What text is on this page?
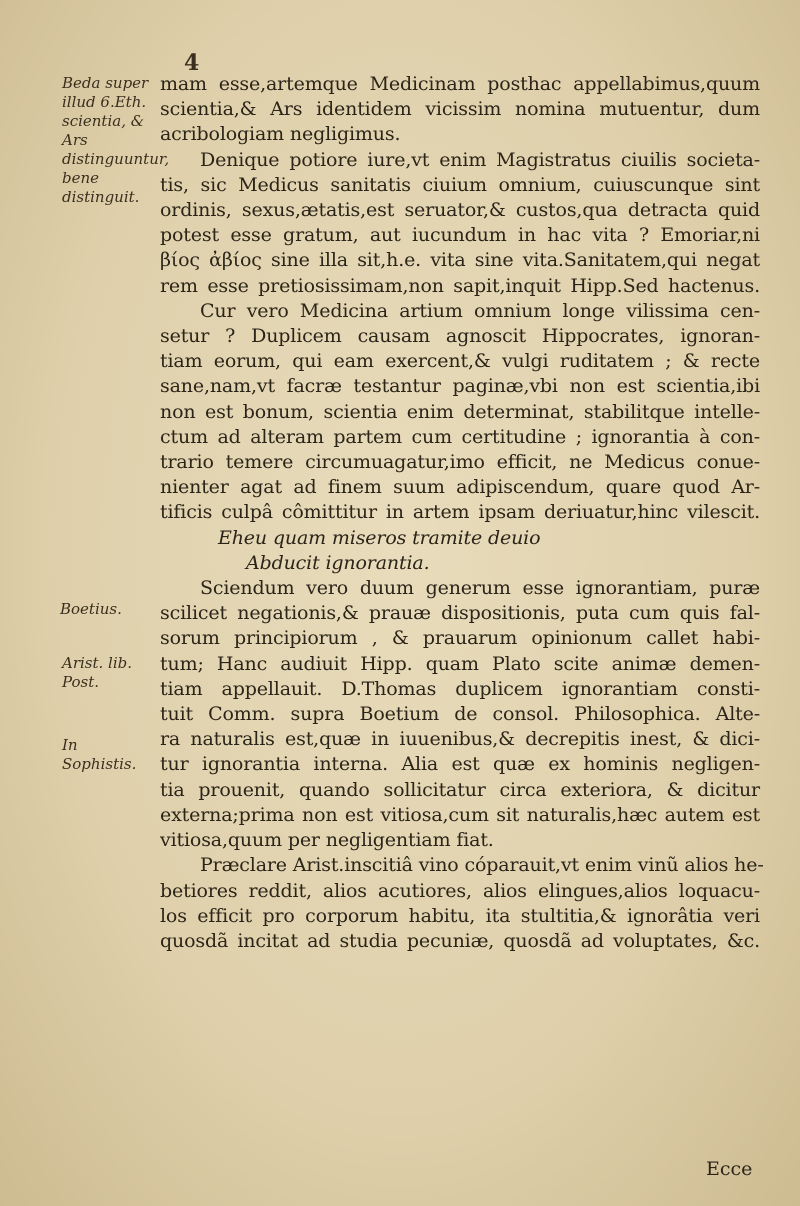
4
Beda super illud 6.Eth. scientia, & Ars distinguuntur, bene distinguit.
Boetius.
Arist. lib. Post.
In Sophistis.
mam esse,artemque Medicinam posthac appellabimus,quum
scientia,& Ars identidem vicissim nomina mutuentur, dum
acribologiam negligimus.
Denique potiore iure,vt enim Magistratus ciuilis societa-
tis, sic Medicus sanitatis ciuium omnium, cuiuscunque sint
ordinis, sexus,ætatis,est seruator,& custos,qua detracta quid
potest esse gratum, aut iucundum in hac vita ? Emoriar,ni
βίος ἀβίος sine illa sit,h.e. vita sine vita.Sanitatem,qui negat
rem esse pretiosissimam,non sapit,inquit Hipp.Sed hactenus.
Cur vero Medicina artium omnium longe vilissima cen-
setur ? Duplicem causam agnoscit Hippocrates, ignoran-
tiam eorum, qui eam exercent,& vulgi ruditatem ; & recte
sane,nam,vt facræ testantur paginæ,vbi non est scientia,ibi
non est bonum, scientia enim determinat, stabilitque intelle-
ctum ad alteram partem cum certitudine ; ignorantia à con-
trario temere circumuagatur,imo efficit, ne Medicus conue-
nienter agat ad finem suum adipiscendum, quare quod Ar-
tificis culpâ cômittitur in artem ipsam deriuatur,hinc vilescit.
Eheu quam miseros tramite deuio
Abducit ignorantia.
Sciendum vero duum generum esse ignorantiam, puræ
scilicet negationis,& prauæ dispositionis, puta cum quis fal-
sorum principiorum , & prauarum opinionum callet habi-
tum; Hanc audiuit Hipp. quam Plato scite animæ demen-
tiam appellauit. D.Thomas duplicem ignorantiam consti-
tuit Comm. supra Boetium de consol. Philosophica. Alte-
ra naturalis est,quæ in iuuenibus,& decrepitis inest, & dici-
tur ignorantia interna. Alia est quæ ex hominis negligen-
tia prouenit, quando sollicitatur circa exteriora, & dicitur
externa;prima non est vitiosa,cum sit naturalis,hæc autem est
vitiosa,quum per negligentiam fiat.
Præclare Arist.inscitiâ vino cóparauit,vt enim vinũ alios he-
betiores reddit, alios acutiores, alios elingues,alios loquacu-
los efficit pro corporum habitu, ita stultitia,& ignorâtia veri
quosdã incitat ad studia pecuniæ, quosdã ad voluptates, &c.
Ecce
